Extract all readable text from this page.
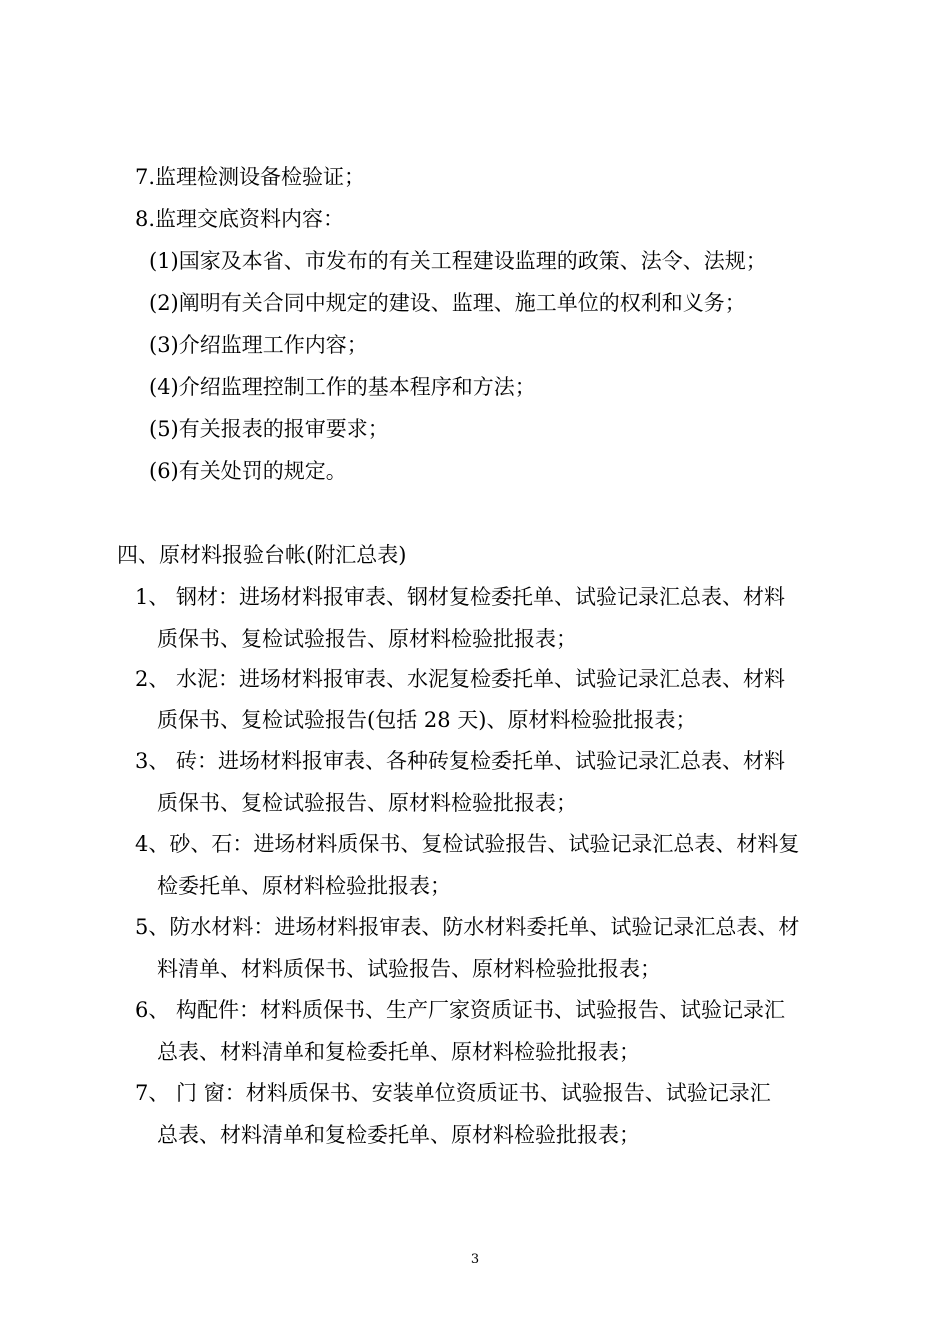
7.监理检测设备检验证；
8.监理交底资料内容：
(1)国家及本省、市发布的有关工程建设监理的政策、法令、法规；
(2)阐明有关合同中规定的建设、监理、施工单位的权利和义务；
(3)介绍监理工作内容；
(4)介绍监理控制工作的基本程序和方法；
(5)有关报表的报审要求；
(6)有关处罚的规定。
四、原材料报验台帐(附汇总表)
1、 钢材：进场材料报审表、钢材复检委托单、试验记录汇总表、材料
质保书、复检试验报告、原材料检验批报表；
2、 水泥：进场材料报审表、水泥复检委托单、试验记录汇总表、材料
质保书、复检试验报告(包括 28 天)、原材料检验批报表；
3、 砖：进场材料报审表、各种砖复检委托单、试验记录汇总表、材料
质保书、复检试验报告、原材料检验批报表；
4、砂、石：进场材料质保书、复检试验报告、试验记录汇总表、材料复
检委托单、原材料检验批报表；
5、防水材料：进场材料报审表、防水材料委托单、试验记录汇总表、材
料清单、材料质保书、试验报告、原材料检验批报表；
6、 构配件：材料质保书、生产厂家资质证书、试验报告、试验记录汇
总表、材料清单和复检委托单、原材料检验批报表；
7、 门 窗：材料质保书、安装单位资质证书、试验报告、试验记录汇
总表、材料清单和复检委托单、原材料检验批报表；
3
